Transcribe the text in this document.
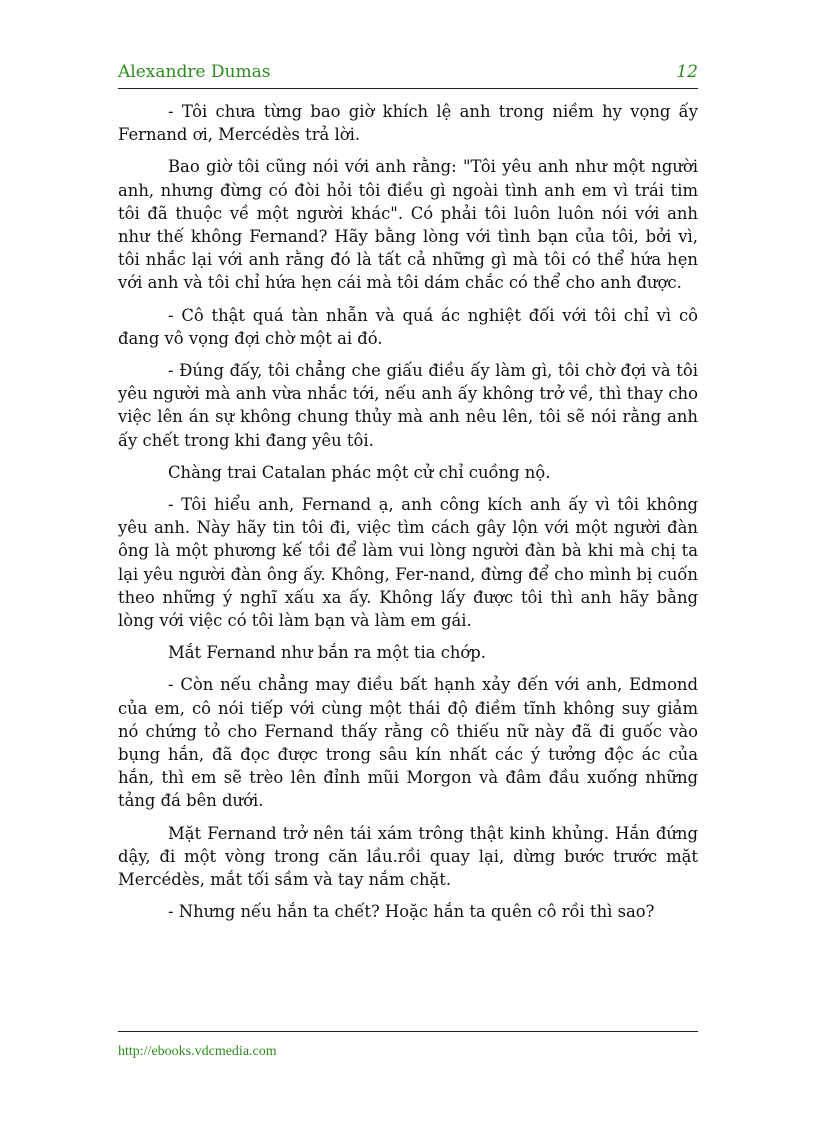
Alexandre Dumas	12

- Tôi chưa từng bao giờ khích lệ anh trong niềm hy vọng ấy Fernand ơi, Mercédès trả lời.

Bao giờ tôi cũng nói với anh rằng: "Tôi yêu anh như một người anh, nhưng đừng có đòi hỏi tôi điều gì ngoài tình anh em vì trái tim tôi đã thuộc về một người khác". Có phải tôi luôn luôn nói với anh như thế không Fernand? Hãy bằng lòng với tình bạn của tôi, bởi vì, tôi nhắc lại với anh rằng đó là tất cả những gì mà tôi có thể hứa hẹn với anh và tôi chỉ hứa hẹn cái mà tôi dám chắc có thể cho anh được.

- Cô thật quá tàn nhẫn và quá ác nghiệt đối với tôi chỉ vì cô đang vô vọng đợi chờ một ai đó.

- Đúng đấy, tôi chẳng che giấu điều ấy làm gì, tôi chờ đợi và tôi yêu người mà anh vừa nhắc tới, nếu anh ấy không trở về, thì thay cho việc lên án sự không chung thủy mà anh nêu lên, tôi sẽ nói rằng anh ấy chết trong khi đang yêu tôi.

Chàng trai Catalan phác một cử chỉ cuồng nộ.

- Tôi hiểu anh, Fernand ạ, anh công kích anh ấy vì tôi không yêu anh. Này hãy tin tôi đi, việc tìm cách gây lộn với một người đàn ông là một phương kế tồi để làm vui lòng người đàn bà khi mà chị ta lại yêu người đàn ông ấy. Không, Fer-nand, đừng để cho mình bị cuốn theo những ý nghĩ xấu xa ấy. Không lấy được tôi thì anh hãy bằng lòng với việc có tôi làm bạn và làm em gái.

Mắt Fernand như bắn ra một tia chớp.

- Còn nếu chẳng may điều bất hạnh xảy đến với anh, Edmond của em, cô nói tiếp với cùng một thái độ điềm tĩnh không suy giảm nó chứng tỏ cho Fernand thấy rằng cô thiếu nữ này đã đi guốc vào bụng hắn, đã đọc được trong sâu kín nhất các ý tưởng độc ác của hắn, thì em sẽ trèo lên đỉnh mũi Morgon và đâm đầu xuống những tảng đá bên dưới.

Mặt Fernand trở nên tái xám trông thật kinh khủng. Hắn đứng dậy, đi một vòng trong căn lầu.rồi quay lại, dừng bước trước mặt Mercédès, mắt tối sầm và tay nắm chặt.

- Nhưng nếu hắn ta chết? Hoặc hắn ta quên cô rồi thì sao?

http://ebooks.vdcmedia.com
